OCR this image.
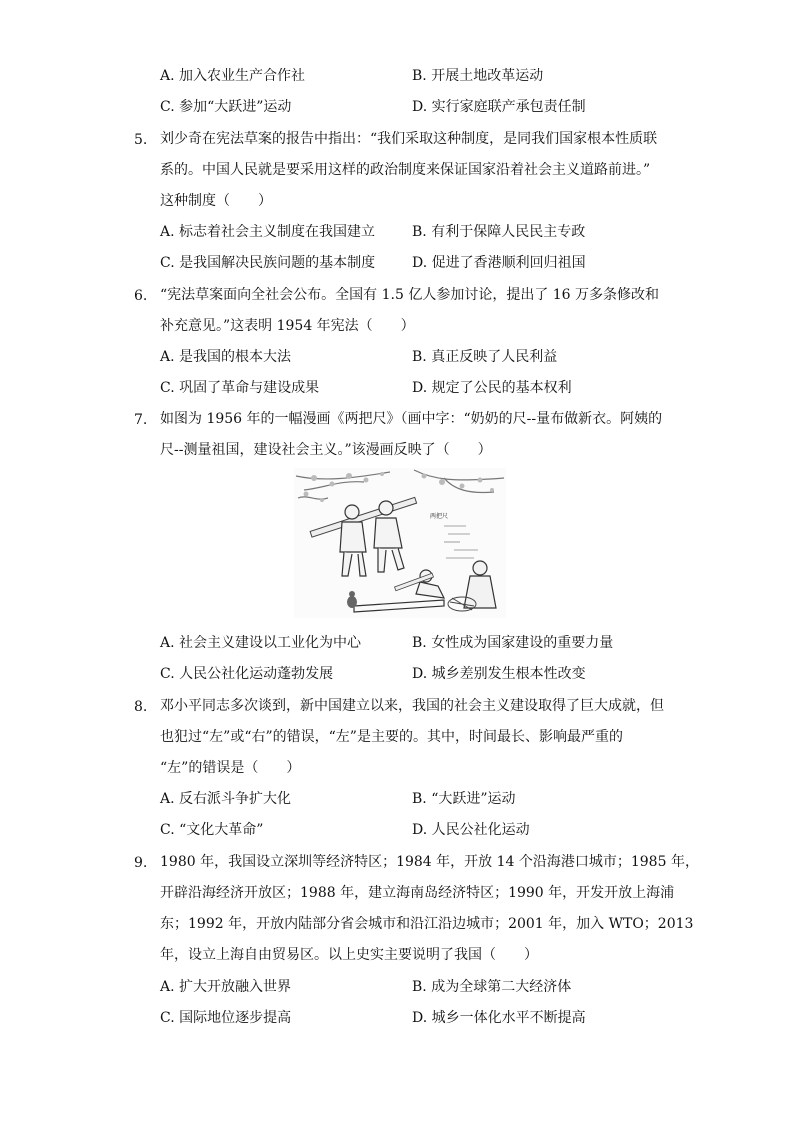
A. 加入农业生产合作社	B. 开展土地改革运动
C. 参加“大跃进”运动	D. 实行家庭联产承包责任制
5. 刘少奇在宪法草案的报告中指出：“我们采取这种制度，是同我们国家根本性质联
系的。中国人民就是要采用这样的政治制度来保证国家沿着社会主义道路前进。”
这种制度（　　）
A. 标志着社会主义制度在我国建立	B. 有利于保障人民民主专政
C. 是我国解决民族问题的基本制度	D. 促进了香港顺利回归祖国
6. “宪法草案面向全社会公布。全国有 1.5 亿人参加讨论，提出了 16 万多条修改和
补充意见。”这表明 1954 年宪法（　　）
A. 是我国的根本大法	B. 真正反映了人民利益
C. 巩固了革命与建设成果	D. 规定了公民的基本权利
7. 如图为 1956 年的一幅漫画《两把尺》（画中字：“奶奶的尺--量布做新衣。阿姨的
尺--测量祖国，建设社会主义。”该漫画反映了（　　）
两把尺
A. 社会主义建设以工业化为中心	B. 女性成为国家建设的重要力量
C. 人民公社化运动蓬勃发展	D. 城乡差别发生根本性改变
8. 邓小平同志多次谈到，新中国建立以来，我国的社会主义建设取得了巨大成就，但
也犯过“左”或“右”的错误，“左”是主要的。其中，时间最长、影响最严重的
“左”的错误是（　　）
A. 反右派斗争扩大化	B. “大跃进”运动
C. “文化大革命”	D. 人民公社化运动
9. 1980 年，我国设立深圳等经济特区；1984 年，开放 14 个沿海港口城市；1985 年，
开辟沿海经济开放区；1988 年，建立海南岛经济特区；1990 年，开发开放上海浦
东；1992 年，开放内陆部分省会城市和沿江沿边城市；2001 年，加入 WTO；2013
年，设立上海自由贸易区。以上史实主要说明了我国（　　）
A. 扩大开放融入世界	B. 成为全球第二大经济体
C. 国际地位逐步提高	D. 城乡一体化水平不断提高
